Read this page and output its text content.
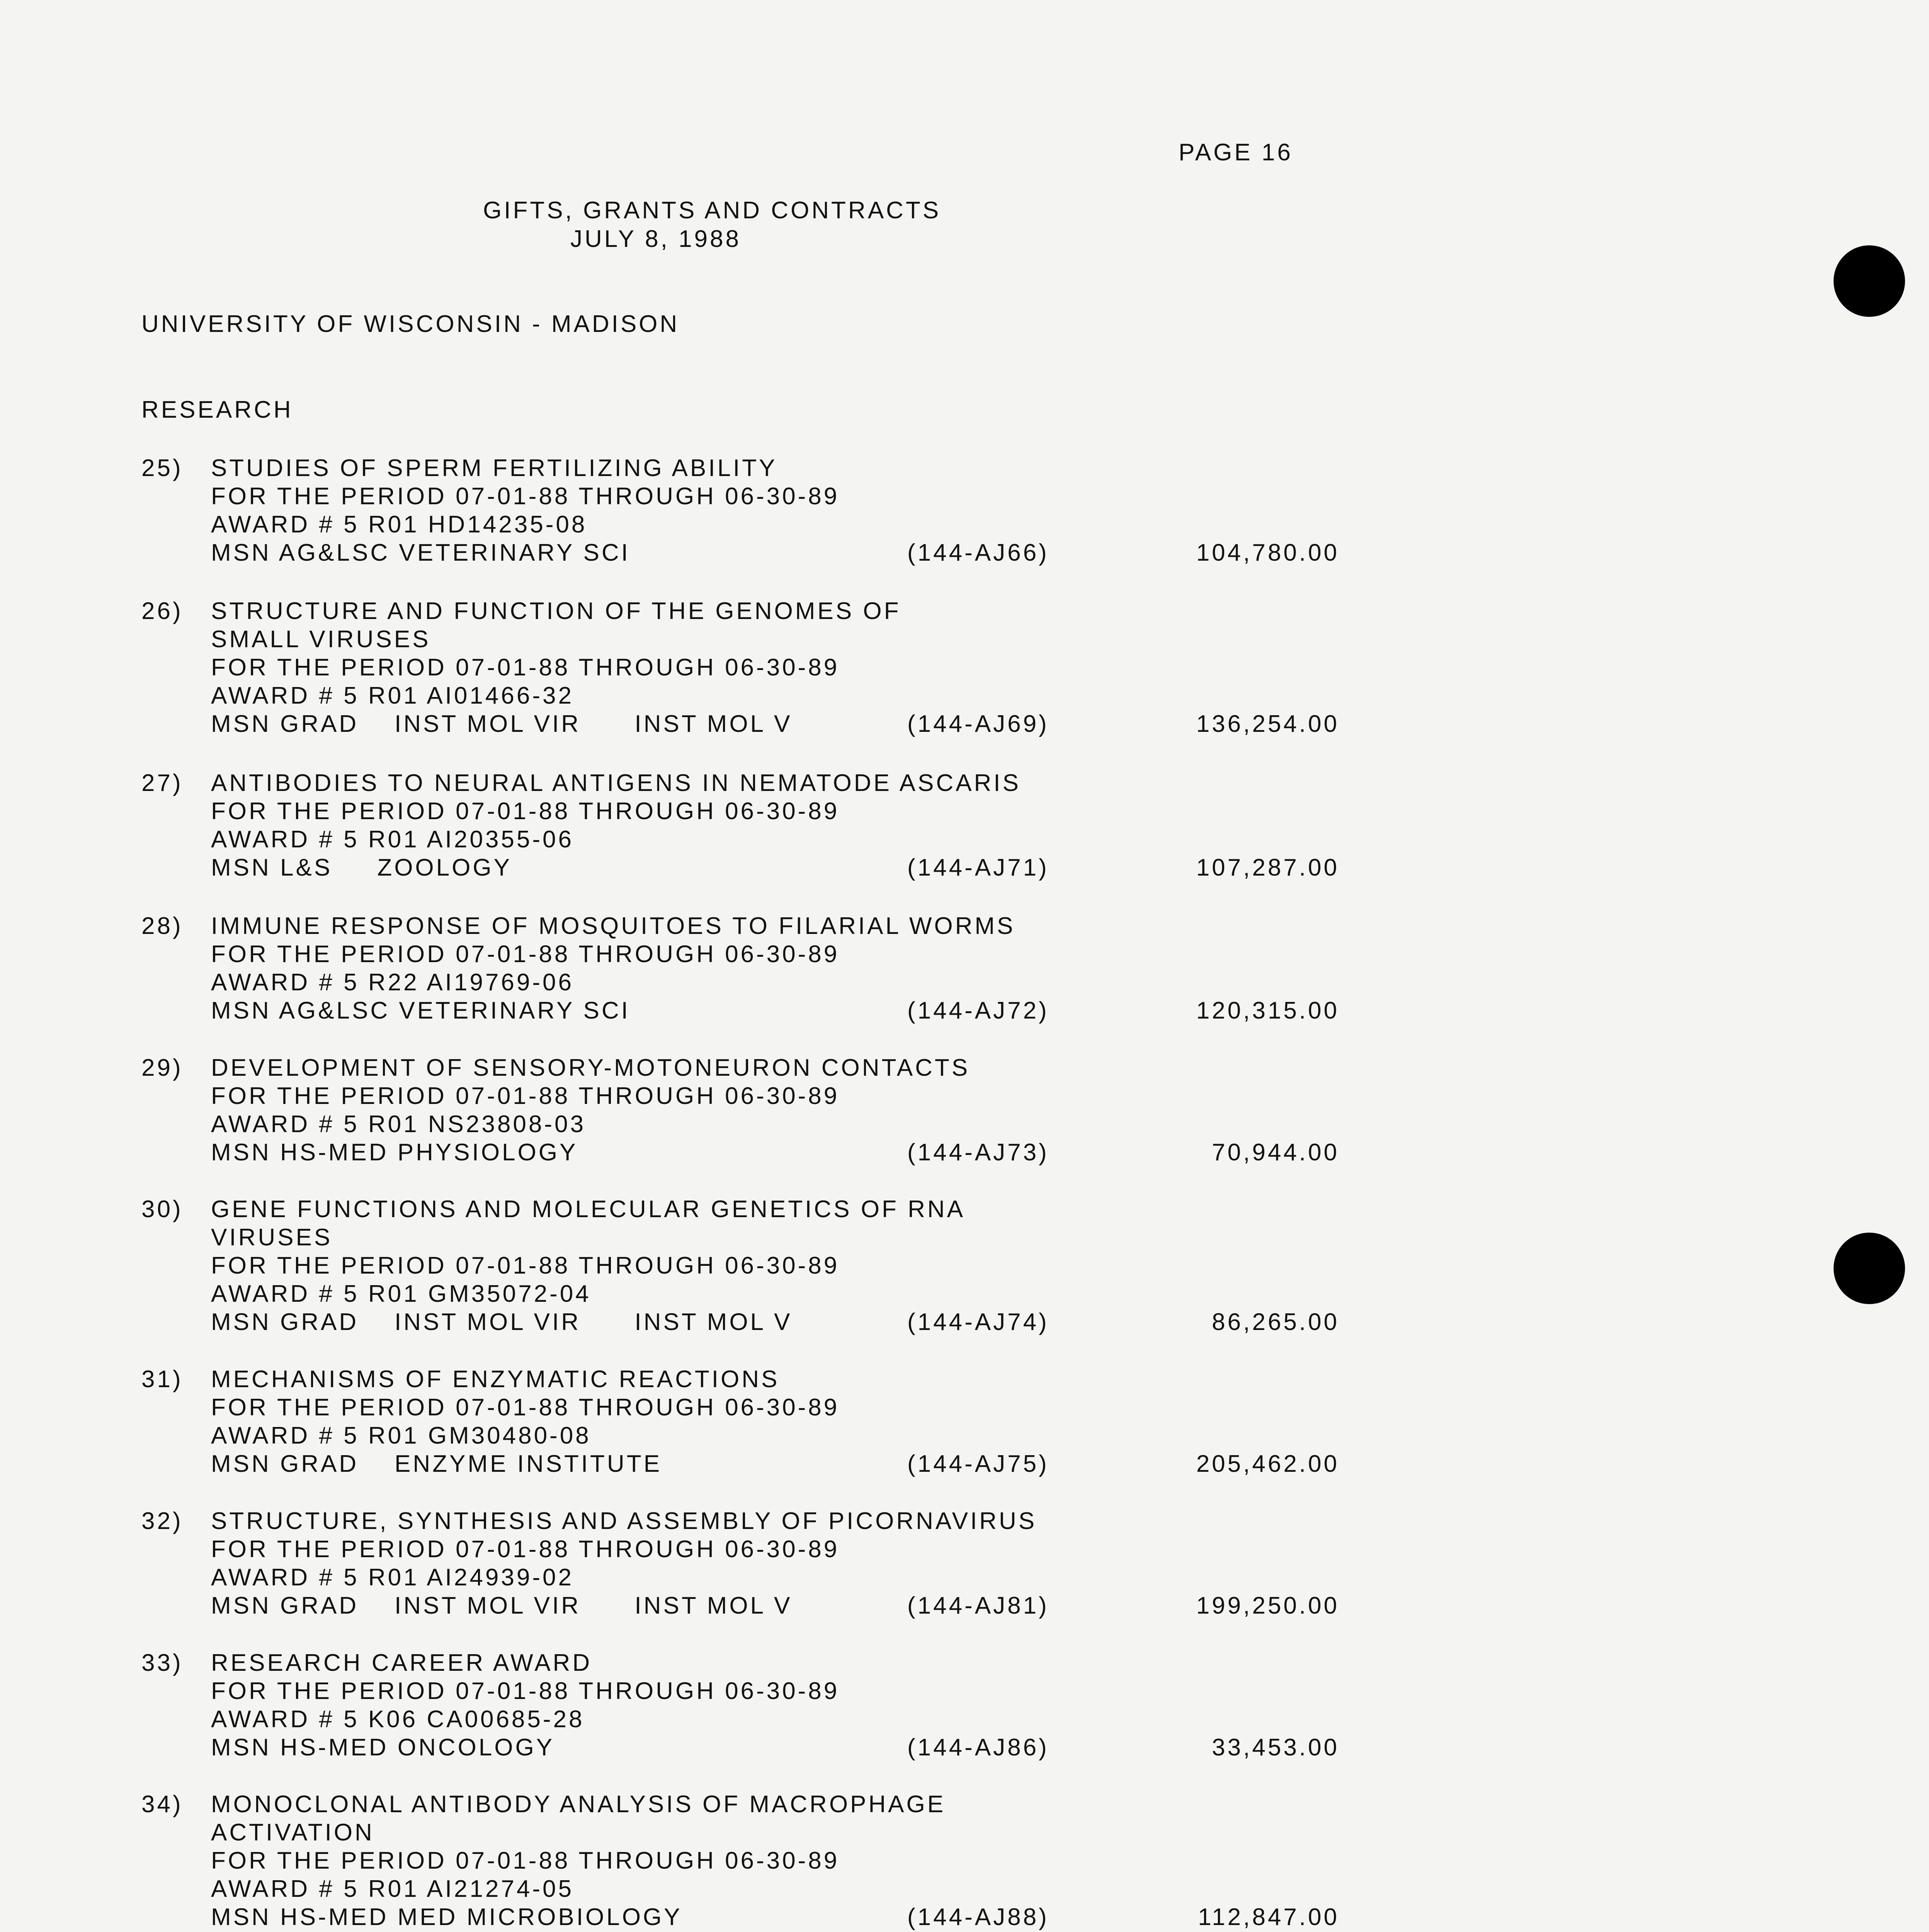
PAGE 16
GIFTS, GRANTS AND CONTRACTS
JULY 8, 1988
UNIVERSITY OF WISCONSIN - MADISON
RESEARCH
25) STUDIES OF SPERM FERTILIZING ABILITY
FOR THE PERIOD 07-01-88 THROUGH 06-30-89
AWARD # 5 R01 HD14235-08
MSN AG&LSC VETERINARY SCI	(144-AJ66)	104,780.00
26) STRUCTURE AND FUNCTION OF THE GENOMES OF
SMALL VIRUSES
FOR THE PERIOD 07-01-88 THROUGH 06-30-89
AWARD # 5 R01 AI01466-32
MSN GRAD    INST MOL VIR      INST MOL V	(144-AJ69)	136,254.00
27) ANTIBODIES TO NEURAL ANTIGENS IN NEMATODE ASCARIS
FOR THE PERIOD 07-01-88 THROUGH 06-30-89
AWARD # 5 R01 AI20355-06
MSN L&S     ZOOLOGY	(144-AJ71)	107,287.00
28) IMMUNE RESPONSE OF MOSQUITOES TO FILARIAL WORMS
FOR THE PERIOD 07-01-88 THROUGH 06-30-89
AWARD # 5 R22 AI19769-06
MSN AG&LSC VETERINARY SCI	(144-AJ72)	120,315.00
29) DEVELOPMENT OF SENSORY-MOTONEURON CONTACTS
FOR THE PERIOD 07-01-88 THROUGH 06-30-89
AWARD # 5 R01 NS23808-03
MSN HS-MED PHYSIOLOGY	(144-AJ73)	70,944.00
30) GENE FUNCTIONS AND MOLECULAR GENETICS OF RNA
VIRUSES
FOR THE PERIOD 07-01-88 THROUGH 06-30-89
AWARD # 5 R01 GM35072-04
MSN GRAD    INST MOL VIR      INST MOL V	(144-AJ74)	86,265.00
31) MECHANISMS OF ENZYMATIC REACTIONS
FOR THE PERIOD 07-01-88 THROUGH 06-30-89
AWARD # 5 R01 GM30480-08
MSN GRAD    ENZYME INSTITUTE	(144-AJ75)	205,462.00
32) STRUCTURE, SYNTHESIS AND ASSEMBLY OF PICORNAVIRUS
FOR THE PERIOD 07-01-88 THROUGH 06-30-89
AWARD # 5 R01 AI24939-02
MSN GRAD    INST MOL VIR      INST MOL V	(144-AJ81)	199,250.00
33) RESEARCH CAREER AWARD
FOR THE PERIOD 07-01-88 THROUGH 06-30-89
AWARD # 5 K06 CA00685-28
MSN HS-MED ONCOLOGY	(144-AJ86)	33,453.00
34) MONOCLONAL ANTIBODY ANALYSIS OF MACROPHAGE
ACTIVATION
FOR THE PERIOD 07-01-88 THROUGH 06-30-89
AWARD # 5 R01 AI21274-05
MSN HS-MED MED MICROBIOLOGY	(144-AJ88)	112,847.00
